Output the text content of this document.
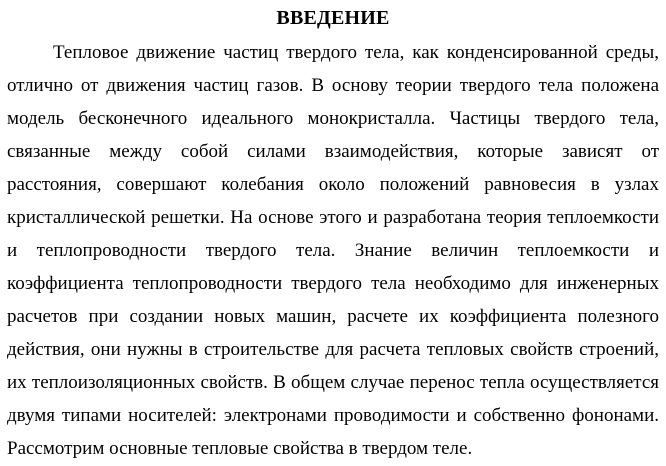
ВВЕДЕНИЕ
Тепловое движение частиц твердого тела, как конденсированной среды,
отлично от движения частиц газов. В основу теории твердого тела положена
модель бесконечного идеального монокристалла. Частицы твердого тела,
связанные между собой силами взаимодействия, которые зависят от
расстояния, совершают колебания около положений равновесия в узлах
кристаллической решетки. На основе этого и разработана теория теплоемкости
и теплопроводности твердого тела. Знание величин теплоемкости и
коэффициента теплопроводности твердого тела необходимо для инженерных
расчетов при создании новых машин, расчете их коэффициента полезного
действия, они нужны в строительстве для расчета тепловых свойств строений,
их теплоизоляционных свойств. В общем случае перенос тепла осуществляется
двумя типами носителей: электронами проводимости и собственно фононами.
Рассмотрим основные тепловые свойства в твердом теле.
